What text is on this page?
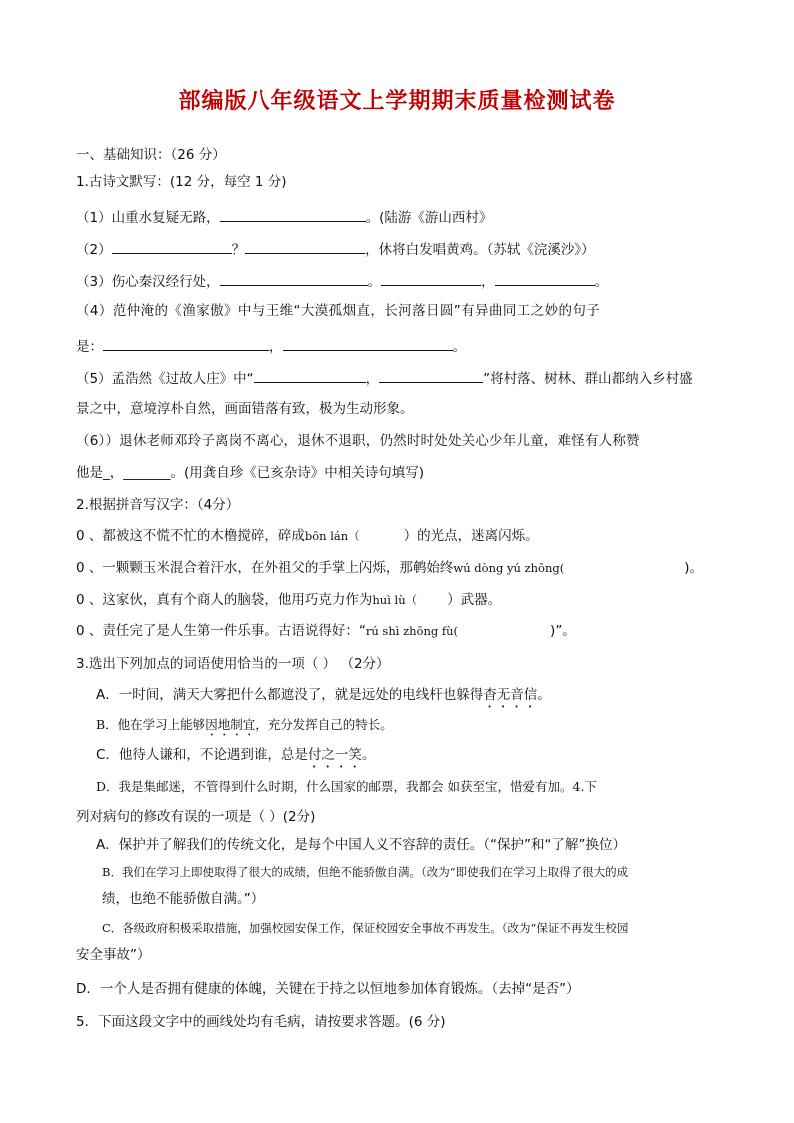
部编版八年级语文上学期期末质量检测试卷
一、基础知识：（26 分）
1.古诗文默写：(12 分，每空 1 分)
（1）山重水复疑无路，	。(陆游《游山西村》
（2）	？	，休将白发唱黄鸡。（苏轼《浣溪沙》）
（3）伤心秦汉经行处，	。	，	。
（4）范仲淹的《渔家傲》中与王维“大漠孤烟直，长河落日圆”有异曲同工之妙的句子
是：	，	。
（5）孟浩然《过故人庄》中“	，	”将村落、树林、群山都纳入乡村盛
景之中，意境淳朴自然，画面错落有致，极为生动形象。
（6））退休老师邓玲子离岗不离心，退休不退职，仍然时时处处关心少年儿童，难怪有人称赞
他是_，_______。(用龚自珍《已亥杂诗》中相关诗句填写)
2.根据拼音写汉字：（4分）
0 、都被这不慌不忙的木橹搅碎，碎成bōn lán（	）的光点，迷离闪烁。
0 、一颗颗玉米混合着汗水，在外祖父的手掌上闪烁，那鹌始终wú dòng yú zhōng(	)。
0 、这家伙，真有个商人的脑袋，他用巧克力作为huì lù（ ）武器。
0 、责任完了是人生第一件乐事。古语说得好：“rú shì zhōng fù(	)”。
3.选出下列加点的词语使用恰当的一项（ ） （2分）
A．一时间，满天大雾把什么都遮没了，就是远处的电线杆也躲得杳无音信。
B．他在学习上能够因地制宜，充分发挥自己的特长。
C．他待人谦和，不论遇到谁，总是付之一笑。
D．我是集邮迷，不管得到什么时期，什么国家的邮票，我都会 如获至宝，惜爱有加。4.下
列对病句的修改有误的一项是（ ）(2分)
A．保护并了解我们的传统文化，是每个中国人义不容辞的责任。（“保护”和“了解”换位）
B．我们在学习上即使取得了很大的成绩，但绝不能骄傲自满。（改为“即使我们在学习上取得了很大的成
绩，也绝不能骄傲自满。”）
C．各级政府积极采取措施，加强校园安保工作，保证校园安全事故不再发生。（改为“保证不再发生校园
安全事故”）
D．一个人是否拥有健康的体魄，关键在于持之以恒地参加体育锻炼。（去掉“是否”）
5．下面这段文字中的画线处均有毛病，请按要求答题。(6 分)
